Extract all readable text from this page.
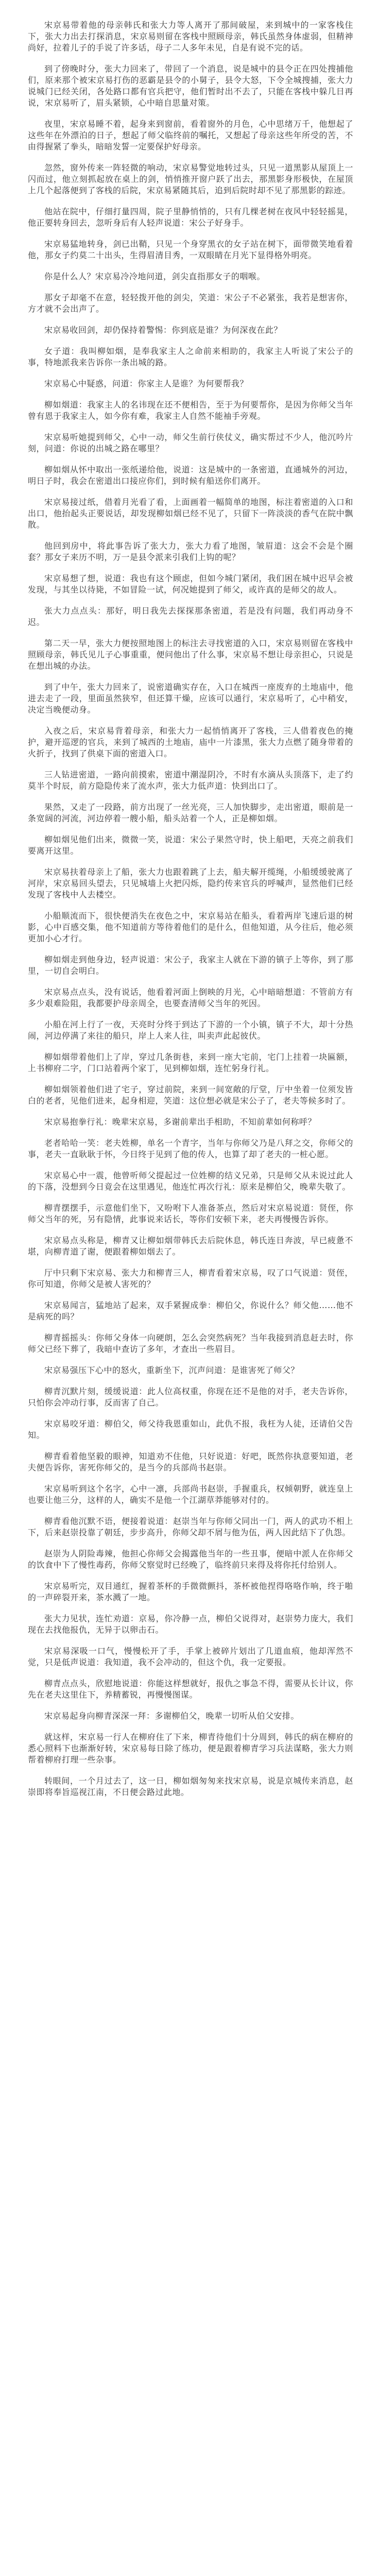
宋京易带着他的母亲韩氏和张大力等人离开了那间破屋，来到城中的一家客栈住下，张大力出去打探消息，宋京易则留在客栈中照顾母亲，韩氏虽然身体虚弱，但精神尚好，拉着儿子的手说了许多话，母子二人多年未见，自是有说不完的话。

到了傍晚时分，张大力回来了，带回了一个消息，说是城中的县令正在四处搜捕他们，原来那个被宋京易打伤的恶霸是县令的小舅子，县令大怒，下令全城搜捕，张大力说城门已经关闭，各处路口都有官兵把守，他们暂时出不去了，只能在客栈中躲几日再说，宋京易听了，眉头紧锁，心中暗自思量对策。

夜里，宋京易睡不着，起身来到窗前，看着窗外的月色，心中思绪万千，他想起了这些年在外漂泊的日子，想起了师父临终前的嘱托，又想起了母亲这些年所受的苦，不由得握紧了拳头，暗暗发誓一定要保护好母亲。

忽然，窗外传来一阵轻微的响动，宋京易警觉地转过头，只见一道黑影从屋顶上一闪而过，他立刻抓起放在桌上的剑，悄悄推开窗户跃了出去，那黑影身形极快，在屋顶上几个起落便到了客栈的后院，宋京易紧随其后，追到后院时却不见了那黑影的踪迹。

他站在院中，仔细打量四周，院子里静悄悄的，只有几棵老树在夜风中轻轻摇晃，他正要转身回去，忽听身后有人轻声说道：宋公子好身手。

宋京易猛地转身，剑已出鞘，只见一个身穿黑衣的女子站在树下，面带微笑地看着他，那女子约莫二十出头，生得眉清目秀，一双眼睛在月光下显得格外明亮。

你是什么人？宋京易冷冷地问道，剑尖直指那女子的咽喉。

那女子却毫不在意，轻轻拨开他的剑尖，笑道：宋公子不必紧张，我若是想害你，方才就不会出声了。

宋京易收回剑，却仍保持着警惕：你到底是谁？为何深夜在此？

女子道：我叫柳如烟，是奉我家主人之命前来相助的，我家主人听说了宋公子的事，特地派我来告诉你一条出城的路。

宋京易心中疑惑，问道：你家主人是谁？为何要帮我？

柳如烟道：我家主人的名讳现在还不便相告，至于为何要帮你，是因为你师父当年曾有恩于我家主人，如今你有难，我家主人自然不能袖手旁观。

宋京易听她提到师父，心中一动，师父生前行侠仗义，确实帮过不少人，他沉吟片刻，问道：你说的出城之路在哪里？

柳如烟从怀中取出一张纸递给他，说道：这是城中的一条密道，直通城外的河边，明日子时，我会在密道出口接应你们，到时候有船送你们离开。

宋京易接过纸，借着月光看了看，上面画着一幅简单的地图，标注着密道的入口和出口，他抬起头正要说话，却发现柳如烟已经不见了，只留下一阵淡淡的香气在院中飘散。

他回到房中，将此事告诉了张大力，张大力看了地图，皱眉道：这会不会是个圈套？那女子来历不明，万一是县令派来引我们上钩的呢？

宋京易想了想，说道：我也有这个顾虑，但如今城门紧闭，我们困在城中迟早会被发现，与其坐以待毙，不如冒险一试，何况她提到了师父，或许真的是师父的故人。

张大力点点头：那好，明日我先去探探那条密道，若是没有问题，我们再动身不迟。

第二天一早，张大力便按照地图上的标注去寻找密道的入口，宋京易则留在客栈中照顾母亲，韩氏见儿子心事重重，便问他出了什么事，宋京易不想让母亲担心，只说是在想出城的办法。

到了中午，张大力回来了，说密道确实存在，入口在城西一座废弃的土地庙中，他进去走了一段，里面虽然狭窄，但还算干燥，应该可以通行，宋京易听了，心中稍安，决定当晚便动身。

入夜之后，宋京易背着母亲，和张大力一起悄悄离开了客栈，三人借着夜色的掩护，避开巡逻的官兵，来到了城西的土地庙，庙中一片漆黑，张大力点燃了随身带着的火折子，找到了供桌下面的密道入口。

三人钻进密道，一路向前摸索，密道中潮湿阴冷，不时有水滴从头顶落下，走了约莫半个时辰，前方隐隐传来了流水声，张大力低声道：快到出口了。

果然，又走了一段路，前方出现了一丝光亮，三人加快脚步，走出密道，眼前是一条宽阔的河流，河边停着一艘小船，船头站着一个人，正是柳如烟。

柳如烟见他们出来，微微一笑，说道：宋公子果然守时，快上船吧，天亮之前我们要离开这里。

宋京易扶着母亲上了船，张大力也跟着跳了上去，船夫解开缆绳，小船缓缓驶离了河岸，宋京易回头望去，只见城墙上火把闪烁，隐约传来官兵的呼喊声，显然他们已经发现了客栈中人去楼空。

小船顺流而下，很快便消失在夜色之中，宋京易站在船头，看着两岸飞速后退的树影，心中百感交集，他不知道前方等待着他们的是什么，但他知道，从今往后，他必须更加小心才行。

柳如烟走到他身边，轻声说道：宋公子，我家主人就在下游的镇子上等你，到了那里，一切自会明白。

宋京易点点头，没有说话，他看着河面上倒映的月光，心中暗暗想道：不管前方有多少艰难险阻，我都要护母亲周全，也要查清师父当年的死因。

小船在河上行了一夜，天亮时分终于到达了下游的一个小镇，镇子不大，却十分热闹，河边停满了来往的船只，岸上人来人往，叫卖声此起彼伏。

柳如烟带着他们上了岸，穿过几条街巷，来到一座大宅前，宅门上挂着一块匾额，上书柳府二字，门口站着两个家丁，见到柳如烟，连忙躬身行礼。

柳如烟领着他们进了宅子，穿过前院，来到一间宽敞的厅堂，厅中坐着一位须发皆白的老者，见他们进来，起身相迎，笑道：这位想必就是宋公子了，老夫等候多时了。

宋京易抱拳行礼：晚辈宋京易，多谢前辈出手相助，不知前辈如何称呼？

老者哈哈一笑：老夫姓柳，单名一个青字，当年与你师父乃是八拜之交，你师父的事，老夫一直耿耿于怀，今日终于见到了他的传人，也算了却了老夫的一桩心愿。

宋京易心中一震，他曾听师父提起过一位姓柳的结义兄弟，只是师父从未说过此人的下落，没想到今日竟会在这里遇见，他连忙再次行礼：原来是柳伯父，晚辈失敬了。

柳青摆摆手，示意他们坐下，又吩咐下人准备茶点，然后对宋京易说道：贤侄，你师父当年的死，另有隐情，此事说来话长，等你们安顿下来，老夫再慢慢告诉你。

宋京易点头称是，柳青又让柳如烟带韩氏去后院休息，韩氏连日奔波，早已疲惫不堪，向柳青道了谢，便跟着柳如烟去了。

厅中只剩下宋京易、张大力和柳青三人，柳青看着宋京易，叹了口气说道：贤侄，你可知道，你师父是被人害死的？

宋京易闻言，猛地站了起来，双手紧握成拳：柳伯父，你说什么？师父他……他不是病死的吗？

柳青摇摇头：你师父身体一向硬朗，怎么会突然病死？当年我接到消息赶去时，你师父已经下葬了，我暗中查访了多年，才查出一些眉目。

宋京易强压下心中的怒火，重新坐下，沉声问道：是谁害死了师父？

柳青沉默片刻，缓缓说道：此人位高权重，你现在还不是他的对手，老夫告诉你，只怕你会冲动行事，反而害了自己。

宋京易咬牙道：柳伯父，师父待我恩重如山，此仇不报，我枉为人徒，还请伯父告知。

柳青看着他坚毅的眼神，知道劝不住他，只好说道：好吧，既然你执意要知道，老夫便告诉你，害死你师父的，是当今的兵部尚书赵崇。

宋京易听到这个名字，心中一凛，兵部尚书赵崇，手握重兵，权倾朝野，就连皇上也要让他三分，这样的人，确实不是他一个江湖草莽能够对付的。

柳青看他沉默不语，便接着说道：赵崇当年与你师父同出一门，两人的武功不相上下，后来赵崇投靠了朝廷，步步高升，你师父却不屑与他为伍，两人因此结下了仇怨。

赵崇为人阴险毒辣，他担心你师父会揭露他当年的一些丑事，便暗中派人在你师父的饮食中下了慢性毒药，你师父察觉时已经晚了，临终前只来得及将你托付给别人。

宋京易听完，双目通红，握着茶杯的手微微颤抖，茶杯被他捏得咯咯作响，终于啪的一声碎裂开来，茶水溅了一地。

张大力见状，连忙劝道：京易，你冷静一点，柳伯父说得对，赵崇势力庞大，我们现在去找他报仇，无异于以卵击石。

宋京易深吸一口气，慢慢松开了手，手掌上被碎片划出了几道血痕，他却浑然不觉，只是低声说道：我知道，我不会冲动的，但这个仇，我一定要报。

柳青点点头，欣慰地说道：你能这样想就好，报仇之事急不得，需要从长计议，你先在老夫这里住下，养精蓄锐，再慢慢图谋。

宋京易起身向柳青深深一拜：多谢柳伯父，晚辈一切听从伯父安排。

就这样，宋京易一行人在柳府住了下来，柳青待他们十分周到，韩氏的病在柳府的悉心照料下也渐渐好转，宋京易每日除了练功，便是跟着柳青学习兵法谋略，张大力则帮着柳府打理一些杂事。

转眼间，一个月过去了，这一日，柳如烟匆匆来找宋京易，说是京城传来消息，赵崇即将奉旨巡视江南，不日便会路过此地。
